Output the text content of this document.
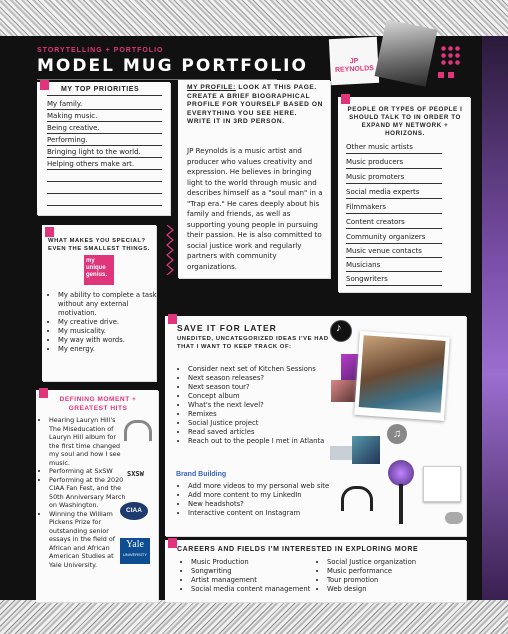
STORYTELLING + PORTFOLIO
MODEL MUG PORTFOLIO	JP REYNOLDS
MY TOP PRIORITIES
My family.
Making music.
Being creative.
Performing.
Bringing light to the world.
Helping others make art.
MY PROFILE: LOOK AT THIS PAGE. CREATE A BRIEF BIOGRAPHICAL PROFILE FOR YOURSELF BASED ON EVERYTHING YOU SEE HERE. WRITE IT IN 3RD PERSON.
JP Reynolds is a music artist and producer who values creativity and expression. He believes in bringing light to the world through music and describes himself as a "soul man" in a "Trap era." He cares deeply about his family and friends, as well as supporting young people in pursuing their passion. He is also committed to social justice work and regularly partners with community organizations.
PEOPLE OR TYPES OF PEOPLE I SHOULD TALK TO IN ORDER TO EXPAND MY NETWORK + HORIZONS.
Other music artists
Music producers
Music promoters
Social media experts
Filmmakers
Content creators
Community organizers
Music venue contacts
Musicians
Songwriters
WHAT MAKES YOU SPECIAL? EVEN THE SMALLEST THINGS.
my
unique
genius.
• My ability to complete a task without any external motivation.
• My creative drive.
• My musicality.
• My way with words.
• My energy.
SAVE IT FOR LATER
UNEDITED, UNCATEGORIZED IDEAS I'VE HAD THAT I WANT TO KEEP TRACK OF:
• Consider next set of Kitchen Sessions
• Next season releases?
• Next season tour?
• Concept album
• What's the next level?
• Remixes
• Social Justice project
• Read saved articles
• Reach out to the people I met in Atlanta
Brand Building
• Add more videos to my personal web site
• Add more content to my LinkedIn
• New headshots?
• Interactive content on Instagram
♪
♫
DEFINING MOMENT + GREATEST HITS
• Hearing Lauryn Hill's The Miseducation of Lauryn Hill album for the first time changed my soul and how I see music.
• Performing at SxSW
• Performing at the 2020 CIAA Fan Fest, and the 50th Anniversary March on Washington.
• Winning the William Pickens Prize for outstanding senior essays in the field of African and African American Studies at Yale University.
SXSW
CIAA
Yale
UNIVERSITY
CAREERS AND FIELDS I'M INTERESTED IN EXPLORING MORE
• Music Production
• Songwriting
• Artist management
• Social media content management
• Social Justice organization
• Music performance
• Tour promotion
• Web design
